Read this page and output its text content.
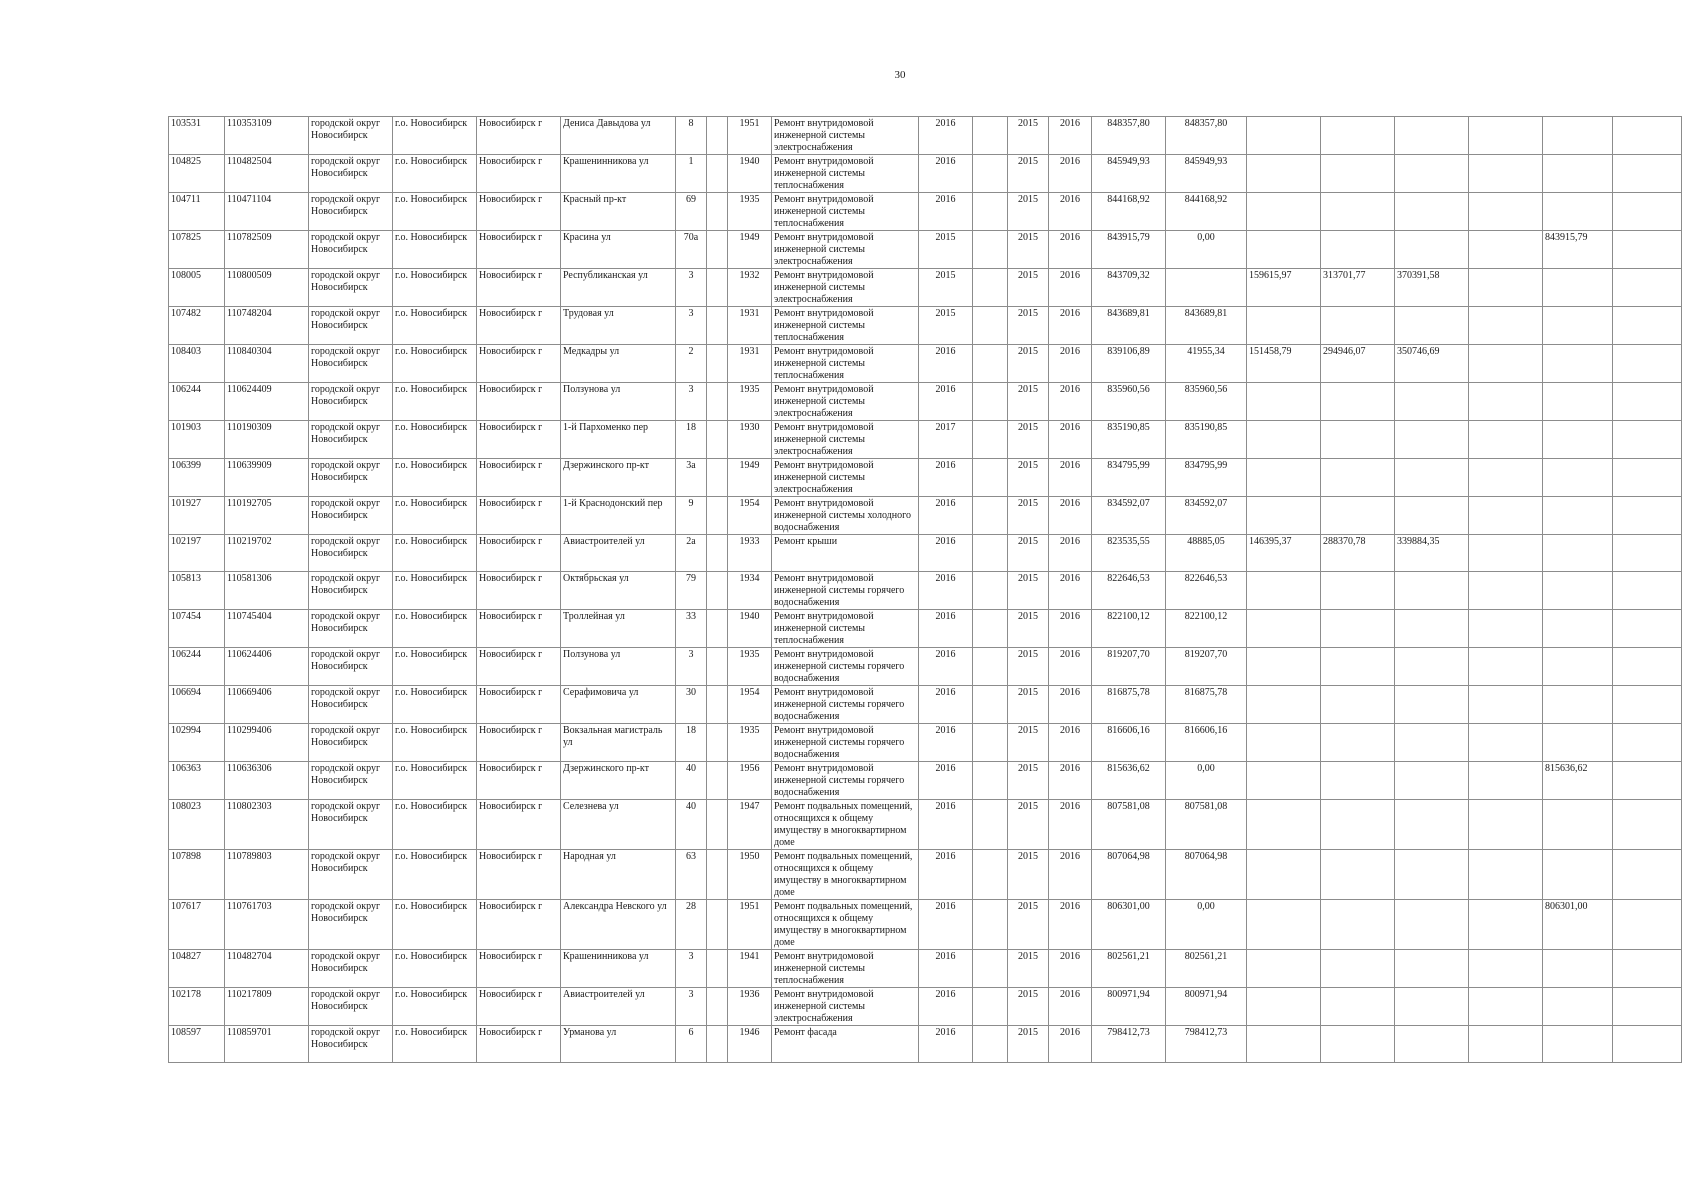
30
103531	110353109	городской округ Новосибирск	г.о. Новосибирск	Новосибирск г	Дениса Давыдова ул	8		1951	Ремонт внутридомовой инженерной системы электроснабжения	2016		2015	2016	848357,80	848357,80						
104825	110482504	городской округ Новосибирск	г.о. Новосибирск	Новосибирск г	Крашенинникова ул	1		1940	Ремонт внутридомовой инженерной системы теплоснабжения	2016		2015	2016	845949,93	845949,93						
104711	110471104	городской округ Новосибирск	г.о. Новосибирск	Новосибирск г	Красный пр-кт	69		1935	Ремонт внутридомовой инженерной системы теплоснабжения	2016		2015	2016	844168,92	844168,92						
107825	110782509	городской округ Новосибирск	г.о. Новосибирск	Новосибирск г	Красина ул	70а		1949	Ремонт внутридомовой инженерной системы электроснабжения	2015		2015	2016	843915,79	0,00					843915,79	
108005	110800509	городской округ Новосибирск	г.о. Новосибирск	Новосибирск г	Республиканская ул	3		1932	Ремонт внутридомовой инженерной системы электроснабжения	2015		2015	2016	843709,32		159615,97	313701,77	370391,58			
107482	110748204	городской округ Новосибирск	г.о. Новосибирск	Новосибирск г	Трудовая ул	3		1931	Ремонт внутридомовой инженерной системы теплоснабжения	2015		2015	2016	843689,81	843689,81						
108403	110840304	городской округ Новосибирск	г.о. Новосибирск	Новосибирск г	Медкадры ул	2		1931	Ремонт внутридомовой инженерной системы теплоснабжения	2016		2015	2016	839106,89	41955,34	151458,79	294946,07	350746,69			
106244	110624409	городской округ Новосибирск	г.о. Новосибирск	Новосибирск г	Ползунова ул	3		1935	Ремонт внутридомовой инженерной системы электроснабжения	2016		2015	2016	835960,56	835960,56						
101903	110190309	городской округ Новосибирск	г.о. Новосибирск	Новосибирск г	1-й Пархоменко пер	18		1930	Ремонт внутридомовой инженерной системы электроснабжения	2017		2015	2016	835190,85	835190,85						
106399	110639909	городской округ Новосибирск	г.о. Новосибирск	Новосибирск г	Дзержинского пр-кт	3а		1949	Ремонт внутридомовой инженерной системы электроснабжения	2016		2015	2016	834795,99	834795,99						
101927	110192705	городской округ Новосибирск	г.о. Новосибирск	Новосибирск г	1-й Краснодонский пер	9		1954	Ремонт внутридомовой инженерной системы холодного водоснабжения	2016		2015	2016	834592,07	834592,07						
102197	110219702	городской округ Новосибирск	г.о. Новосибирск	Новосибирск г	Авиастроителей ул	2а		1933	Ремонт крыши	2016		2015	2016	823535,55	48885,05	146395,37	288370,78	339884,35			
105813	110581306	городской округ Новосибирск	г.о. Новосибирск	Новосибирск г	Октябрьская ул	79		1934	Ремонт внутридомовой инженерной системы горячего водоснабжения	2016		2015	2016	822646,53	822646,53						
107454	110745404	городской округ Новосибирск	г.о. Новосибирск	Новосибирск г	Троллейная ул	33		1940	Ремонт внутридомовой инженерной системы теплоснабжения	2016		2015	2016	822100,12	822100,12						
106244	110624406	городской округ Новосибирск	г.о. Новосибирск	Новосибирск г	Ползунова ул	3		1935	Ремонт внутридомовой инженерной системы горячего водоснабжения	2016		2015	2016	819207,70	819207,70						
106694	110669406	городской округ Новосибирск	г.о. Новосибирск	Новосибирск г	Серафимовича ул	30		1954	Ремонт внутридомовой инженерной системы горячего водоснабжения	2016		2015	2016	816875,78	816875,78						
102994	110299406	городской округ Новосибирск	г.о. Новосибирск	Новосибирск г	Вокзальная магистраль ул	18		1935	Ремонт внутридомовой инженерной системы горячего водоснабжения	2016		2015	2016	816606,16	816606,16						
106363	110636306	городской округ Новосибирск	г.о. Новосибирск	Новосибирск г	Дзержинского пр-кт	40		1956	Ремонт внутридомовой инженерной системы горячего водоснабжения	2016		2015	2016	815636,62	0,00					815636,62	
108023	110802303	городской округ Новосибирск	г.о. Новосибирск	Новосибирск г	Селезнева ул	40		1947	Ремонт подвальных помещений, относящихся к общему имуществу в многоквартирном доме	2016		2015	2016	807581,08	807581,08						
107898	110789803	городской округ Новосибирск	г.о. Новосибирск	Новосибирск г	Народная ул	63		1950	Ремонт подвальных помещений, относящихся к общему имуществу в многоквартирном доме	2016		2015	2016	807064,98	807064,98						
107617	110761703	городской округ Новосибирск	г.о. Новосибирск	Новосибирск г	Александра Невского ул	28		1951	Ремонт подвальных помещений, относящихся к общему имуществу в многоквартирном доме	2016		2015	2016	806301,00	0,00					806301,00	
104827	110482704	городской округ Новосибирск	г.о. Новосибирск	Новосибирск г	Крашенинникова ул	3		1941	Ремонт внутридомовой инженерной системы теплоснабжения	2016		2015	2016	802561,21	802561,21						
102178	110217809	городской округ Новосибирск	г.о. Новосибирск	Новосибирск г	Авиастроителей ул	3		1936	Ремонт внутридомовой инженерной системы электроснабжения	2016		2015	2016	800971,94	800971,94						
108597	110859701	городской округ Новосибирск	г.о. Новосибирск	Новосибирск г	Урманова ул	6		1946	Ремонт фасада	2016		2015	2016	798412,73	798412,73						
